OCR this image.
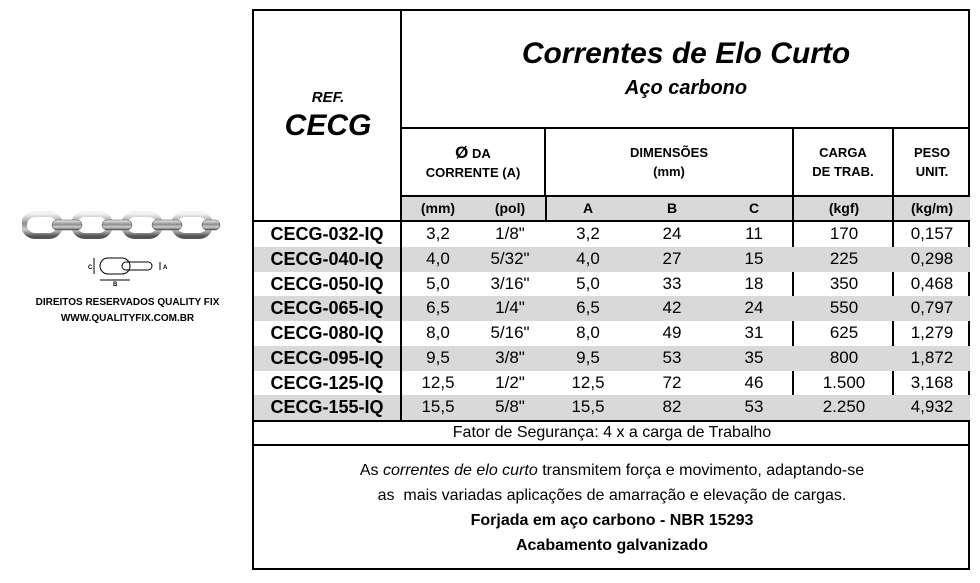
C
B
A
DIREITOS RESERVADOS QUALITY FIX
WWW.QUALITYFIX.COM.BR
REF.
CECG
Correntes de Elo Curto
Aço carbono
Ø DA
CORRENTE (A)
DIMENSÕES
(mm)
CARGA
DE TRAB.
PESO
UNIT.
(mm)	(pol)	A	B	C	(kgf)	(kg/m)
CECG-032-IQ	3,2	1/8"	3,2	24	11	170	0,157
CECG-040-IQ	4,0	5/32"	4,0	27	15	225	0,298
CECG-050-IQ	5,0	3/16"	5,0	33	18	350	0,468
CECG-065-IQ	6,5	1/4"	6,5	42	24	550	0,797
CECG-080-IQ	8,0	5/16"	8,0	49	31	625	1,279
CECG-095-IQ	9,5	3/8"	9,5	53	35	800	1,872
CECG-125-IQ	12,5	1/2"	12,5	72	46	1.500	3,168
CECG-155-IQ	15,5	5/8"	15,5	82	53	2.250	4,932
Fator de Segurança: 4 x a carga de Trabalho
As correntes de elo curto transmitem força e movimento, adaptando-se
as  mais variadas aplicações de amarração e elevação de cargas.
Forjada em aço carbono - NBR 15293
Acabamento galvanizado
